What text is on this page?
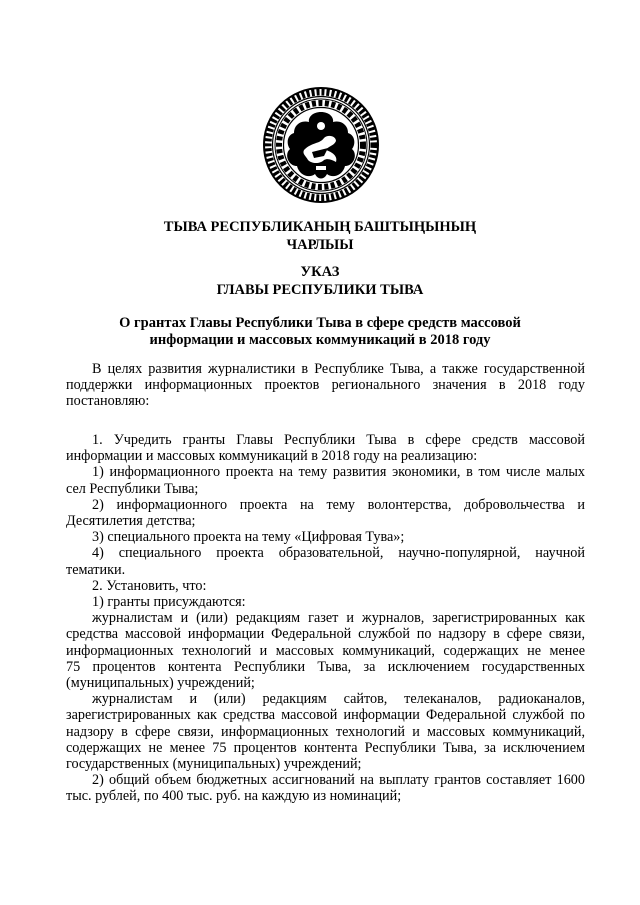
ТЫВА РЕСПУБЛИКАНЫҢ БАШТЫҢЫНЫҢ
ЧАРЛЫЫ
УКАЗ
ГЛАВЫ РЕСПУБЛИКИ ТЫВА
О грантах Главы Республики Тыва в сфере средств массовой
информации и массовых коммуникаций в 2018 году

В целях развития журналистики в Республике Тыва, а также государственной

поддержки информационных проектов регионального значения в 2018 году

постановляю:

1. Учредить гранты Главы Республики Тыва в сфере средств массовой

информации и массовых коммуникаций в 2018 году на реализацию:

1) информационного проекта на тему развития экономики, в том числе малых

сел Республики Тыва;

2) информационного проекта на тему волонтерства, добровольчества и

Десятилетия детства;

3) специального проекта на тему «Цифровая Тува»;

4) специального проекта образовательной, научно-популярной, научной

тематики.

2. Установить, что:

1) гранты присуждаются:

журналистам и (или) редакциям газет и журналов, зарегистрированных как

средства массовой информации Федеральной службой по надзору в сфере связи,

информационных технологий и массовых коммуникаций, содержащих не менее

75 процентов контента Республики Тыва, за исключением государственных

(муниципальных) учреждений;

журналистам и (или) редакциям сайтов, телеканалов, радиоканалов,

зарегистрированных как средства массовой информации Федеральной службой по

надзору в сфере связи, информационных технологий и массовых коммуникаций,

содержащих не менее 75 процентов контента Республики Тыва, за исключением

государственных (муниципальных) учреждений;

2) общий объем бюджетных ассигнований на выплату грантов составляет 1600

тыс. рублей, по 400 тыс. руб. на каждую из номинаций;
